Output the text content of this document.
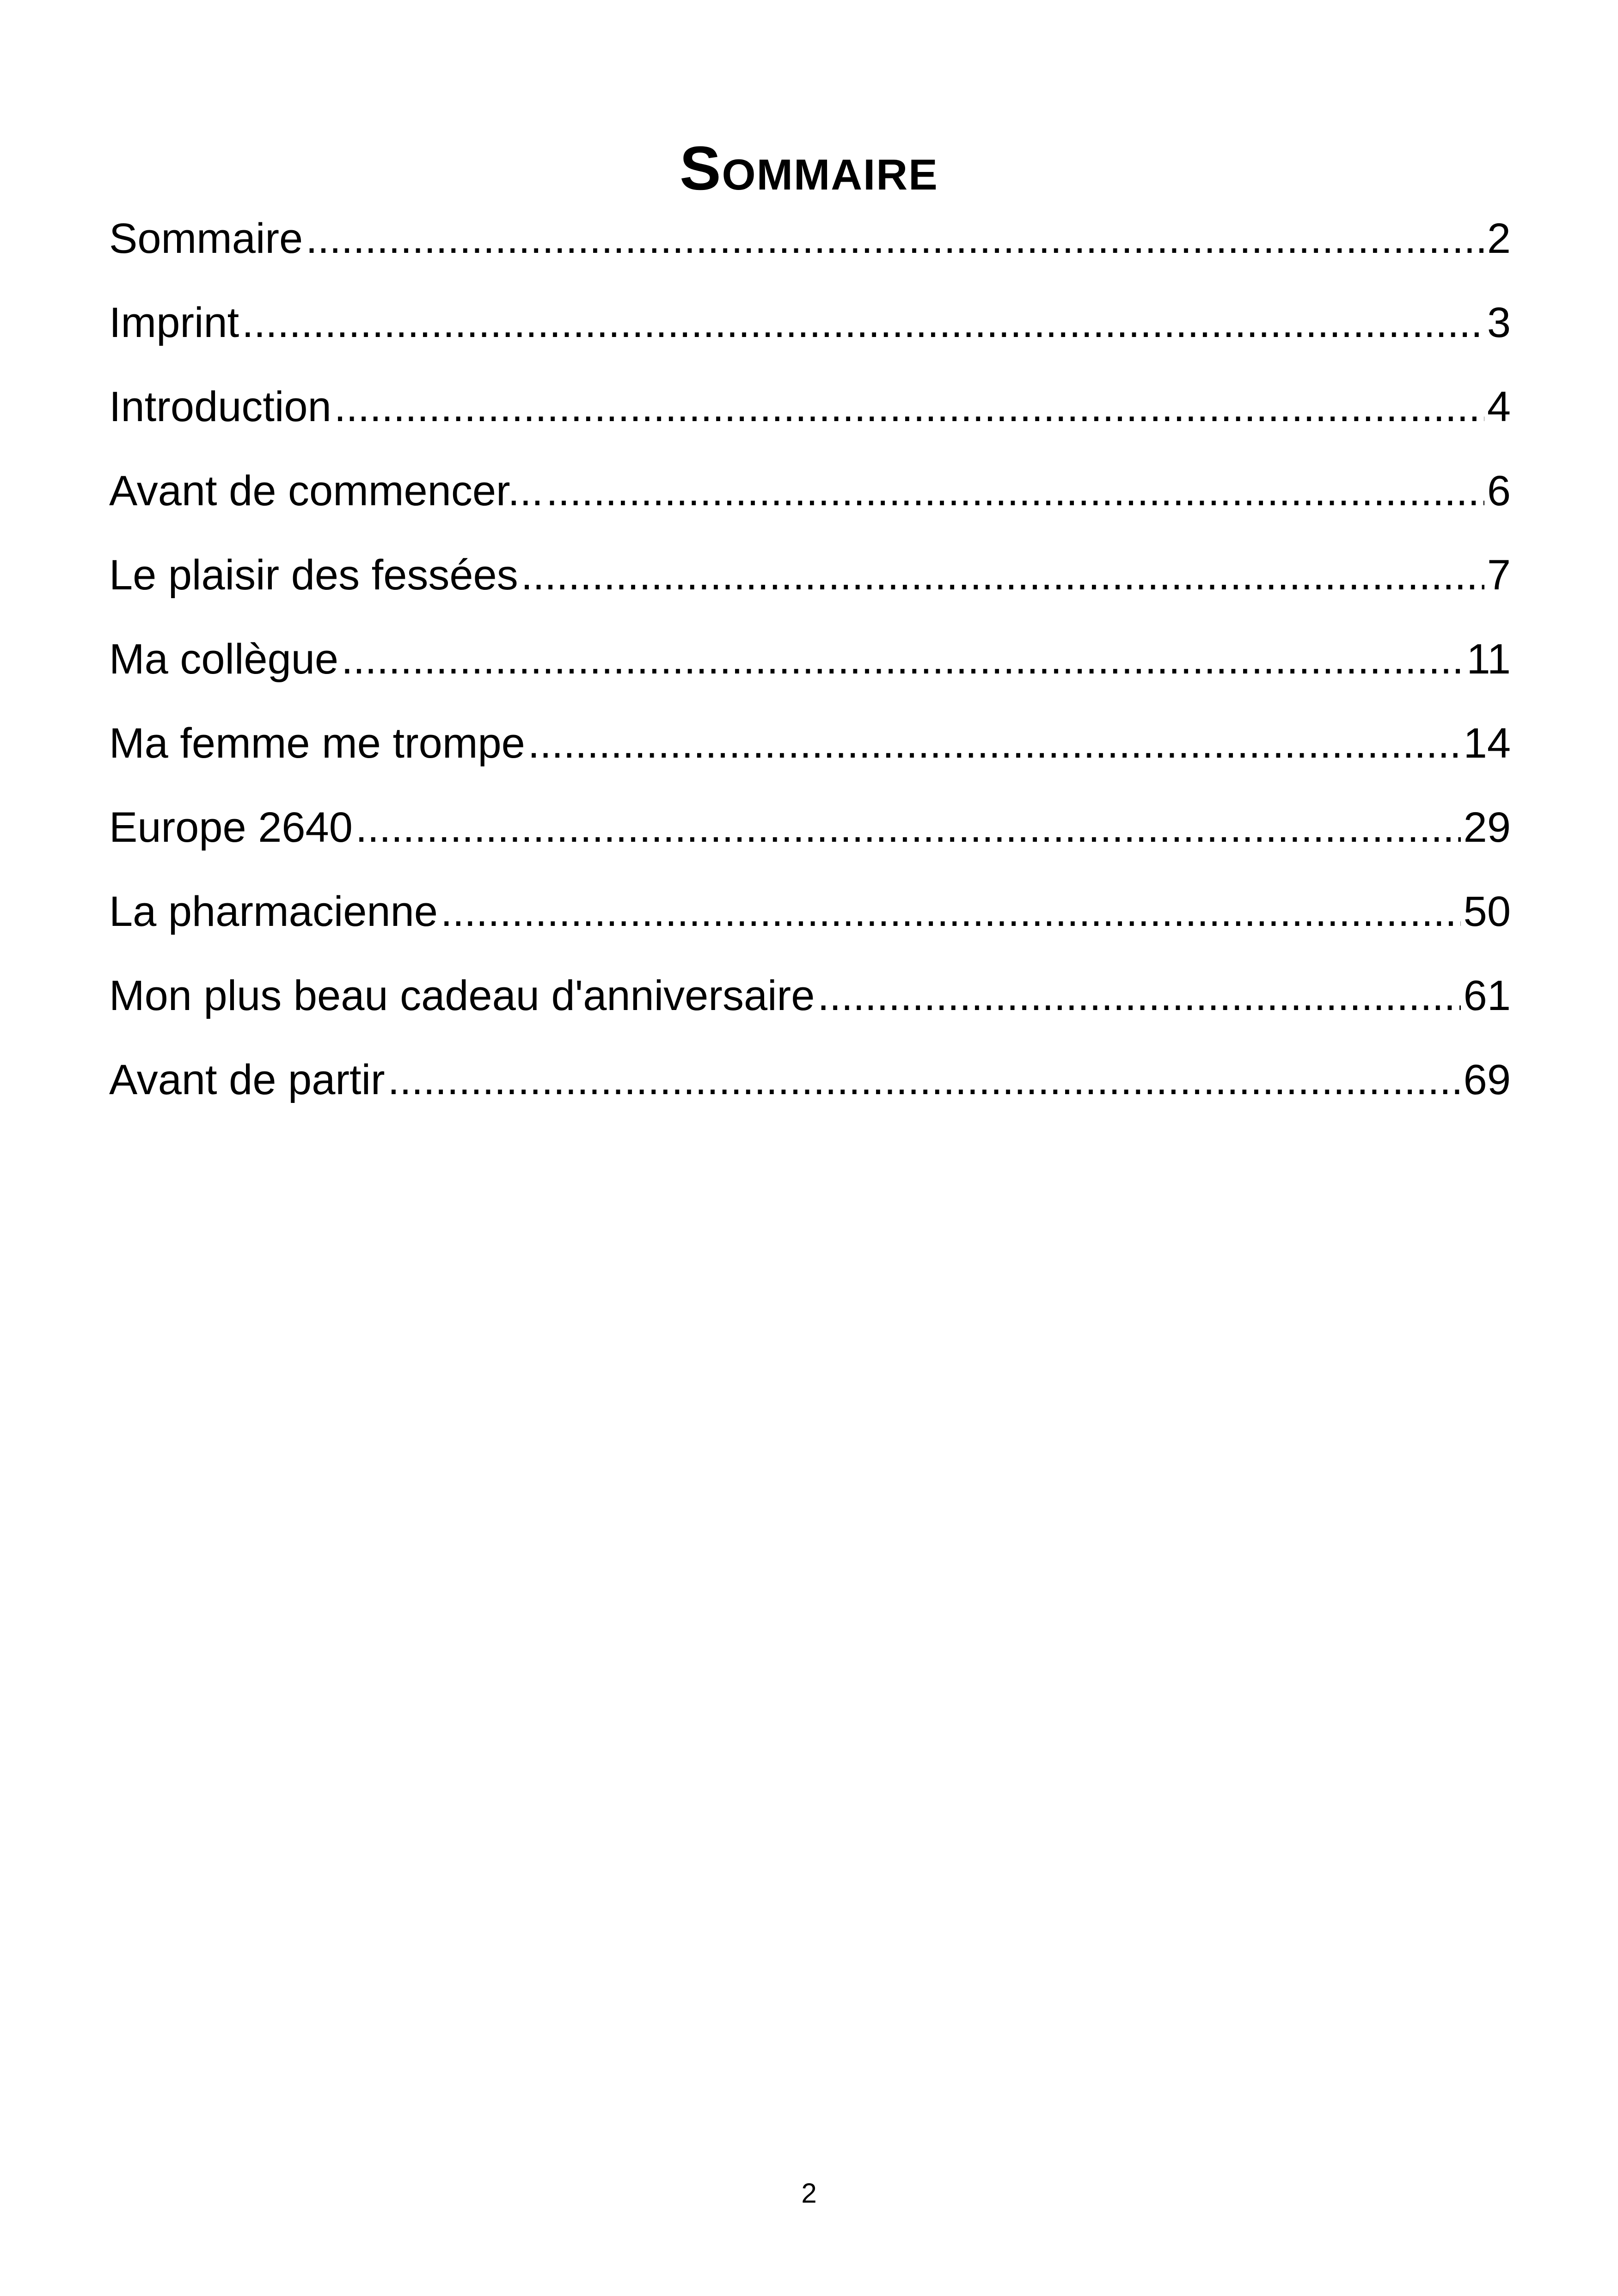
Sommaire
Sommaire .....	2
Imprint .....	3
Introduction .....	4
Avant de commencer... .....	6
Le plaisir des fessées .....	7
Ma collègue .....	11
Ma femme me trompe .....	14
Europe 2640 .....	29
La pharmacienne .....	50
Mon plus beau cadeau d'anniversaire .....	61
Avant de partir .....	69
2
